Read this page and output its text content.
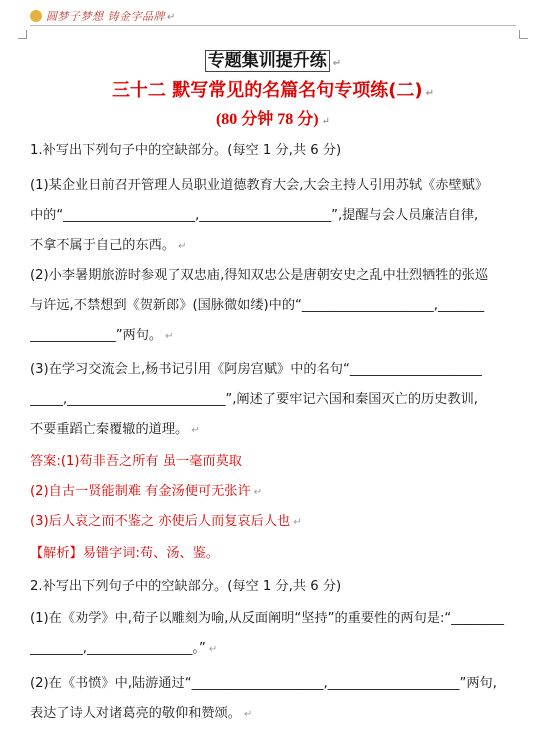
圆梦子梦想 铸金字品牌 ↵
专题集训提升练 ↵
三十二 默写常见的名篇名句专项练(二) ↵
(80 分钟 78 分) ↵
1.补写出下列句子中的空缺部分。(每空 1 分,共 6 分)
(1)某企业日前召开管理人员职业道德教育大会,大会主持人引用苏轼《赤壁赋》
中的“____________________,____________________”,提醒与会人员廉洁自律,
不拿不属于自己的东西。 ↵
(2)小李暑期旅游时参观了双忠庙,得知双忠公是唐朝安史之乱中壮烈牺牲的张巡
与许远,不禁想到《贺新郎》(国脉微如缕)中的“____________________,_______
_____________”两句。 ↵
(3)在学习交流会上,杨书记引用《阿房宫赋》中的名句“____________________
_____,________________________”,阐述了要牢记六国和秦国灭亡的历史教训,
不要重蹈亡秦覆辙的道理。 ↵
答案:(1)苟非吾之所有 虽一毫而莫取
(2)自古一贤能制难 有金汤便可无张许 ↵
(3)后人哀之而不鉴之 亦使后人而复哀后人也 ↵
【解析】易错字词:苟、汤、鉴。
2.补写出下列句子中的空缺部分。(每空 1 分,共 6 分)
(1)在《劝学》中,荀子以雕刻为喻,从反面阐明“坚持”的重要性的两句是:“________
________,________________。” ↵
(2)在《书愤》中,陆游通过“____________________,____________________”两句,
表达了诗人对诸葛亮的敬仰和赞颂。 ↵
